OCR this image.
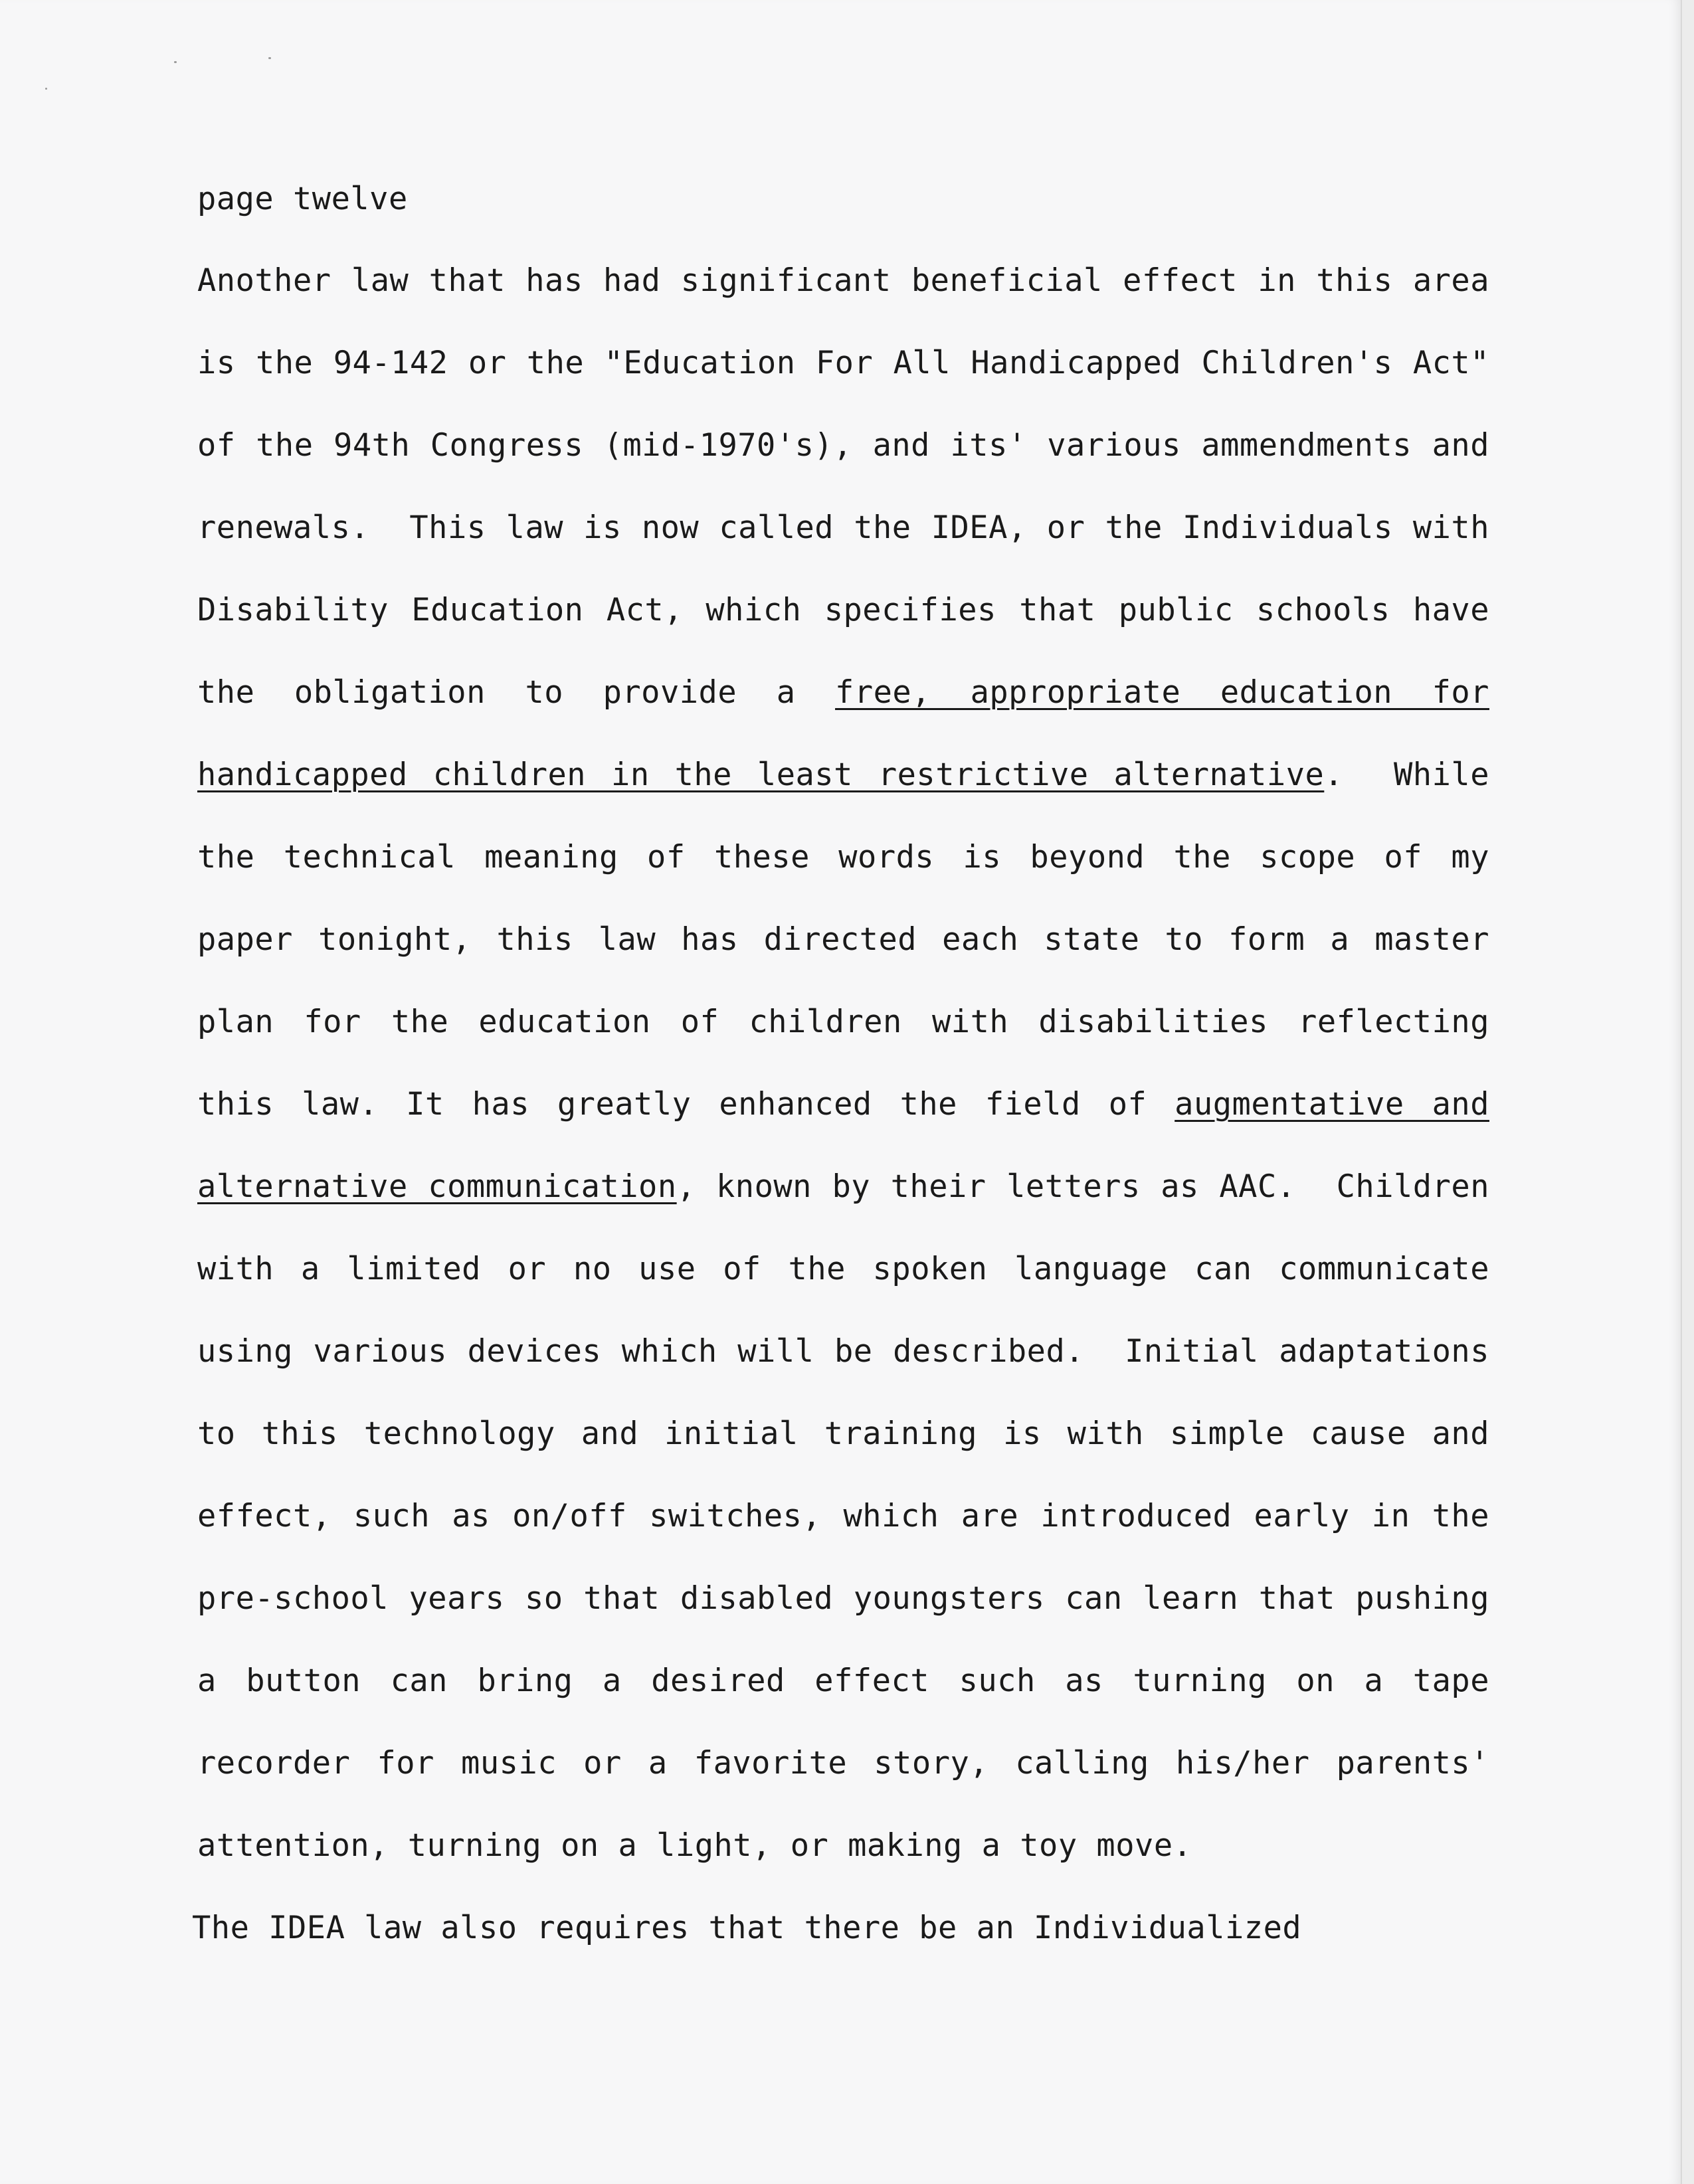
page twelve
Another law that has had significant beneficial effect in this area
is the 94-142 or the "Education For All Handicapped Children's Act"
of the 94th Congress (mid-1970's), and its' various ammendments and
renewals.  This law is now called the IDEA, or the Individuals with
Disability Education Act, which specifies that public schools have
the obligation to provide a free, appropriate education for
handicapped children in the least restrictive alternative.  While
the technical meaning of these words is beyond the scope of my
paper tonight, this law has directed each state to form a master
plan for the education of children with disabilities reflecting
this law. It has greatly enhanced the field of augmentative and
alternative communication, known by their letters as AAC.  Children
with a limited or no use of the spoken language can communicate
using various devices which will be described.  Initial adaptations
to this technology and initial training is with simple cause and
effect, such as on/off switches, which are introduced early in the
pre-school years so that disabled youngsters can learn that pushing
a button can bring a desired effect such as turning on a tape
recorder for music or a favorite story, calling his/her parents'
attention, turning on a light, or making a toy move.
The IDEA law also requires that there be an Individualized
